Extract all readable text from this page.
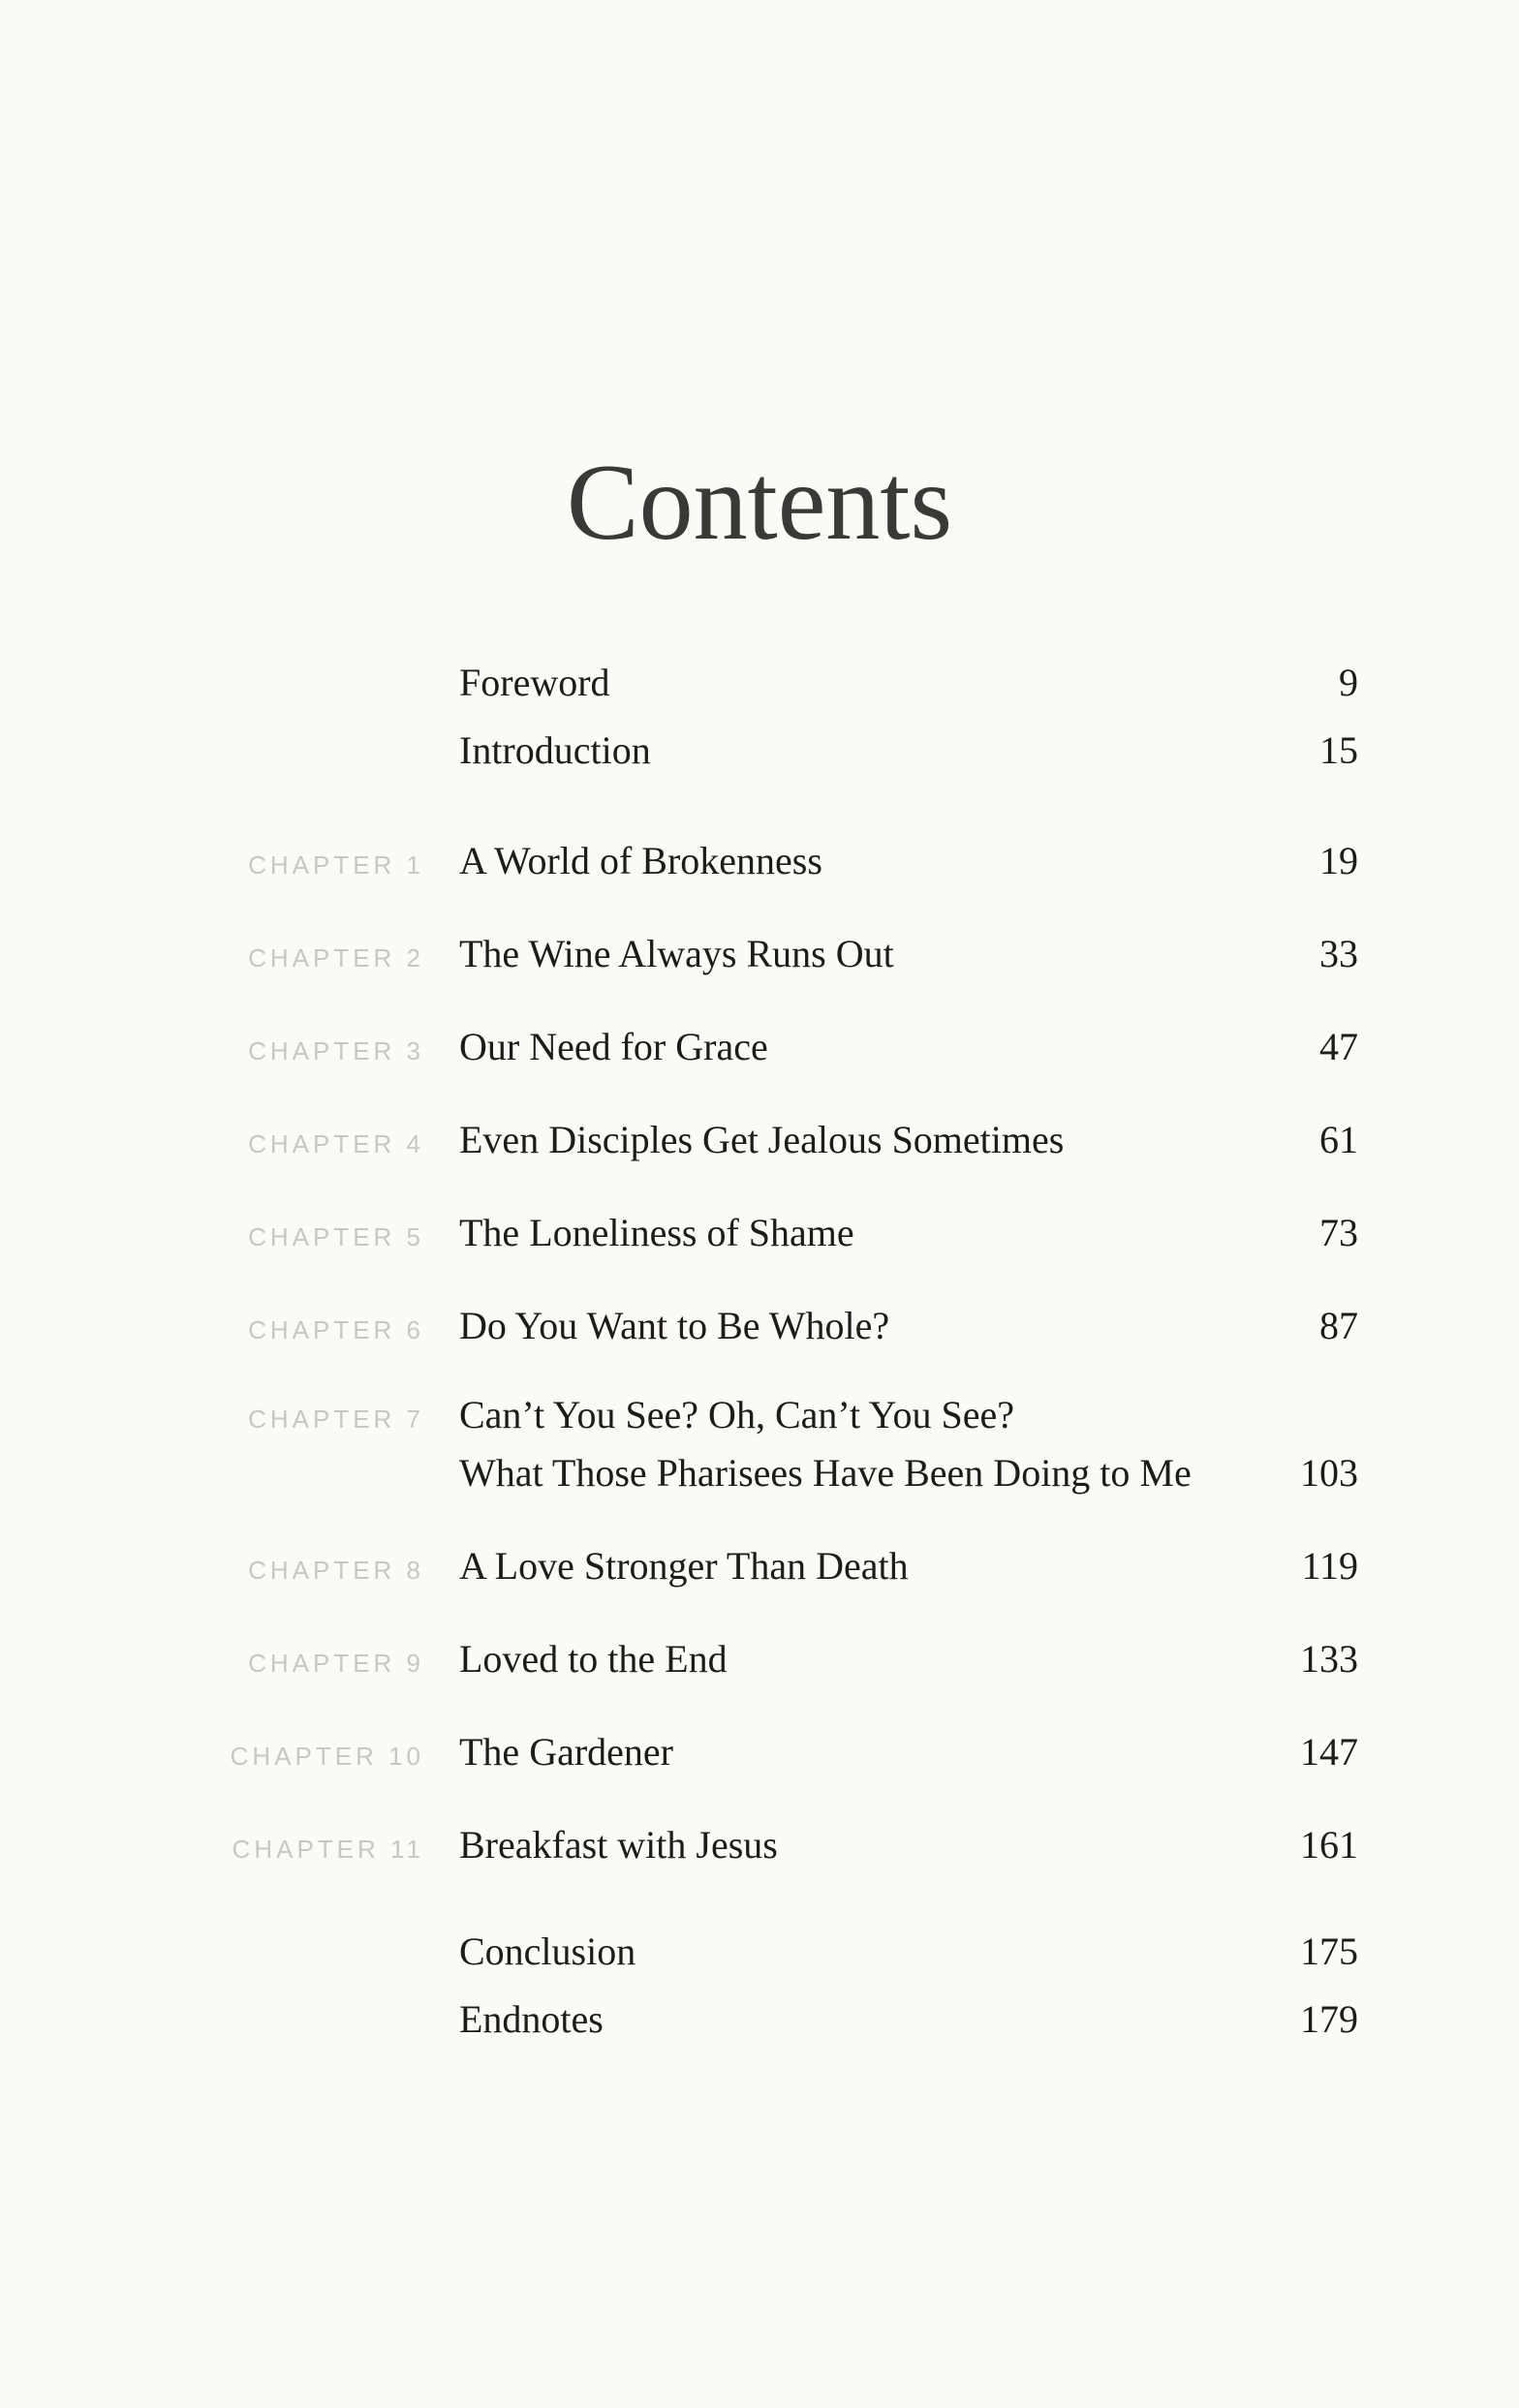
Contents
Foreword	9
Introduction	15
CHAPTER 1 A World of Brokenness	19
CHAPTER 2 The Wine Always Runs Out	33
CHAPTER 3 Our Need for Grace	47
CHAPTER 4 Even Disciples Get Jealous Sometimes	61
CHAPTER 5 The Loneliness of Shame	73
CHAPTER 6 Do You Want to Be Whole?	87
CHAPTER 7 Can’t You See? Oh, Can’t You See?
What Those Pharisees Have Been Doing to Me	103
CHAPTER 8 A Love Stronger Than Death	119
CHAPTER 9 Loved to the End	133
CHAPTER 10 The Gardener	147
CHAPTER 11 Breakfast with Jesus	161
Conclusion	175
Endnotes	179
